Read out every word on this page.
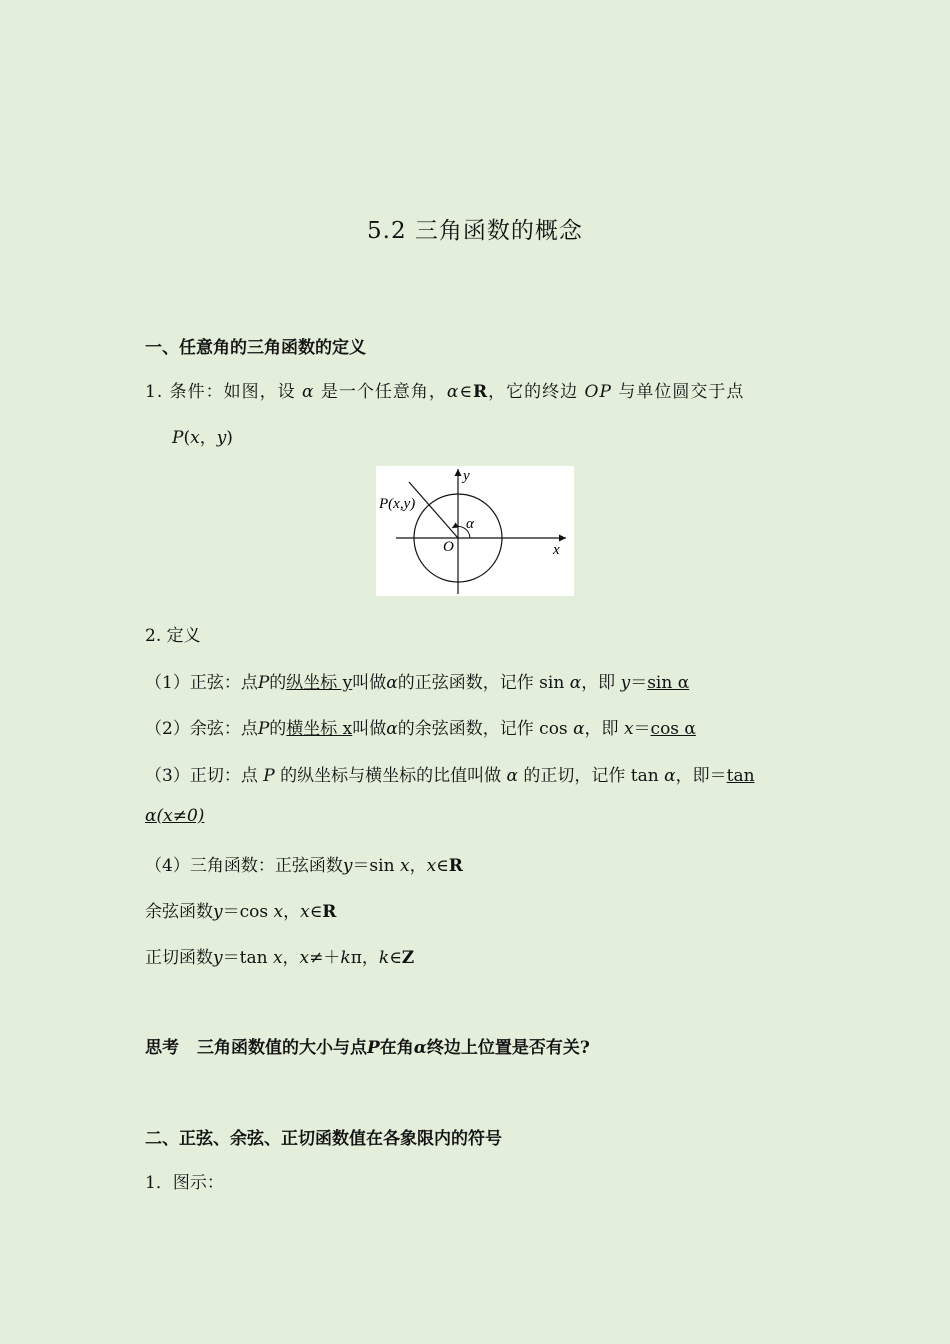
5.2 三角函数的概念
一、任意角的三角函数的定义
1. 条件：如图，设 α 是一个任意角，α∈R，它的终边 OP 与单位圆交于点
P(x，y)
y
x
O
P(x,y)
α
2. 定义
（1）正弦：点P的纵坐标 y叫做α的正弦函数，记作 sin α，即 y＝sin α
（2）余弦：点P的横坐标 x叫做α的余弦函数，记作 cos α，即 x＝cos α
（3）正切：点 P 的纵坐标与横坐标的比值叫做 α 的正切，记作 tan α，即＝tan
α(x≠0)
（4）三角函数：正弦函数y＝sin x，x∈R
余弦函数y＝cos x，x∈R
正切函数y＝tan x，x≠＋kπ，k∈Z
思考 三角函数值的大小与点P在角α终边上位置是否有关?
二、正弦、余弦、正切函数值在各象限内的符号
1．图示：
